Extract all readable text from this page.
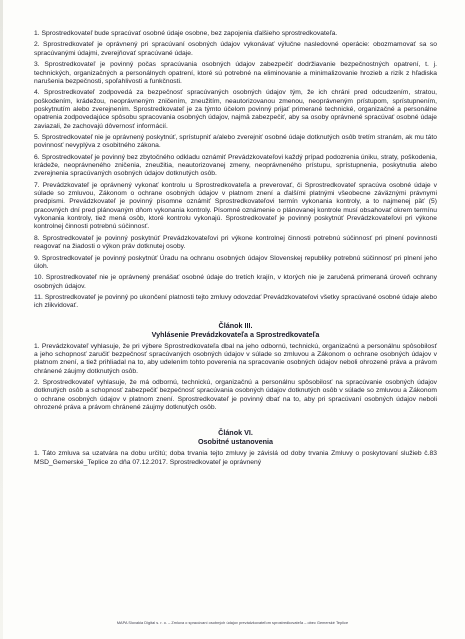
1. Sprostredkovateľ bude spracúvať osobné údaje osobne, bez zapojenia ďalšieho sprostredkovateľa.

2. Sprostredkovateľ je oprávnený pri spracúvaní osobných údajov vykonávať výlučne nasledovné operácie: obozmamovať sa so spracúvanými údajmi, zverejňovať spracúvané údaje.

3. Sprostredkovateľ je povinný počas spracúvania osobných údajov zabezpečiť dodržiavanie bezpečnostných opatrení, t. j. technických, organizačných a personálnych opatrení, ktoré sú potrebné na eliminovanie a minimalizovanie hrozieb a rizík z hľadiska narušenia bezpečnosti, spoľahlivosti a funkčnosti.

4. Sprostredkovateľ zodpovedá za bezpečnosť spracúvaných osobných údajov tým, že ich chráni pred odcudzením, stratou, poškodením, krádežou, neoprávneným zničením, zneužitím, neautorizovanou zmenou, neoprávneným prístupom, sprístupnením, poskytnutím alebo zverejnením. Sprostredkovateľ je za týmto účelom povinný prijať primerané technické, organizačné a personálne opatrenia zodpovedajúce spôsobu spracovania osobných údajov, najmä zabezpečiť, aby sa osoby oprávnené spracúvať osobné údaje zaviazali, že zachovajú dôvernosť informácií.

5. Sprostredkovateľ nie je oprávnený poskytnúť, sprístupniť a/alebo zverejniť osobné údaje dotknutých osôb tretím stranám, ak mu táto povinnosť nevyplýva z osobitného zákona.

6. Sprostredkovateľ je povinný bez zbytočného odkladu oznámiť Prevádzkovateľovi každý prípad podozrenia úniku, straty, poškodenia, krádeže, neoprávneného zničenia, zneužitia, neautorizovanej zmeny, neoprávneného prístupu, sprístupnenia, poskytnutia alebo zverejnenia spracúvaných osobných údajov dotknutých osôb.

7. Prevádzkovateľ je oprávnený vykonať kontrolu u Sprostredkovateľa a preverovať, či Sprostredkovateľ spracúva osobné údaje v súlade so zmluvou, Zákonom o ochrane osobných údajov v platnom znení a ďalšími platnými všeobecne záväznými právnymi predpismi. Prevádzkovateľ je povinný písomne oznámiť Sprostredkovateľovi termín vykonania kontroly, a to najmenej päť (5) pracovných dní pred plánovaným dňom vykonania kontroly. Písomné oznámenie o plánovanej kontrole musí obsahovať okrem termínu vykonania kontroly, tiež mená osôb, ktoré kontrolu vykonajú. Sprostredkovateľ je povinný poskytnúť Prevádzkovateľovi pri výkone kontrolnej činnosti potrebnú súčinnosť.

8. Sprostredkovateľ je povinný poskytnúť Prevádzkovateľovi pri výkone kontrolnej činnosti potrebnú súčinnosť pri plnení povinnosti reagovať na žiadosti o výkon práv dotknutej osoby.

9. Sprostredkovateľ je povinný poskytnúť Úradu na ochranu osobných údajov Slovenskej republiky potrebnú súčinnosť pri plnení jeho úloh.

10. Sprostredkovateľ nie je oprávnený prenášať osobné údaje do tretích krajín, v ktorých nie je zaručená primeraná úroveň ochrany osobných údajov.

11. Sprostredkovateľ je povinný po ukončení platnosti tejto zmluvy odovzdať Prevádzkovateľovi všetky spracúvané osobné údaje alebo ich zlikvidovať.

Článok III.

Vyhlásenie Prevádzkovateľa a Sprostredkovateľa

1. Prevádzkovateľ vyhlasuje, že pri výbere Sprostredkovateľa dbal na jeho odbornú, technickú, organizačnú a personálnu spôsobilosť a jeho schopnosť zaručiť bezpečnosť spracúvaných osobných údajov v súlade so zmluvou a Zákonom o ochrane osobných údajov v platnom znení, a tiež prihliadal na to, aby udelením tohto poverenia na spracovanie osobných údajov neboli ohrozené práva a právom chránené záujmy dotknutých osôb.

2. Sprostredkovateľ vyhlasuje, že má odbornú, technickú, organizačnú a personálnu spôsobilosť na spracúvanie osobných údajov dotknutých osôb a schopnosť zabezpečiť bezpečnosť spracúvania osobných údajov dotknutých osôb v súlade so zmluvou a Zákonom o ochrane osobných údajov v platnom znení. Sprostredkovateľ je povinný dbať na to, aby pri spracúvaní osobných údajov neboli ohrozené práva a právom chránené záujmy dotknutých osôb.

Článok VI.

Osobitné ustanovenia

1. Táto zmluva sa uzatvára na dobu určitú; doba trvania tejto zmluvy je závislá od doby trvania Zmluvy o poskytovaní služieb č.83 MSD_Gemerské_Teplice zo dňa 07.12.2017. Sprostredkovateľ je oprávnený

MAPA Slovakia Digital s. r. o. – Zmluva o spracúvaní osobných údajov prevádzkovateľom sprostredkovateľa – obec Gemerské Teplice
